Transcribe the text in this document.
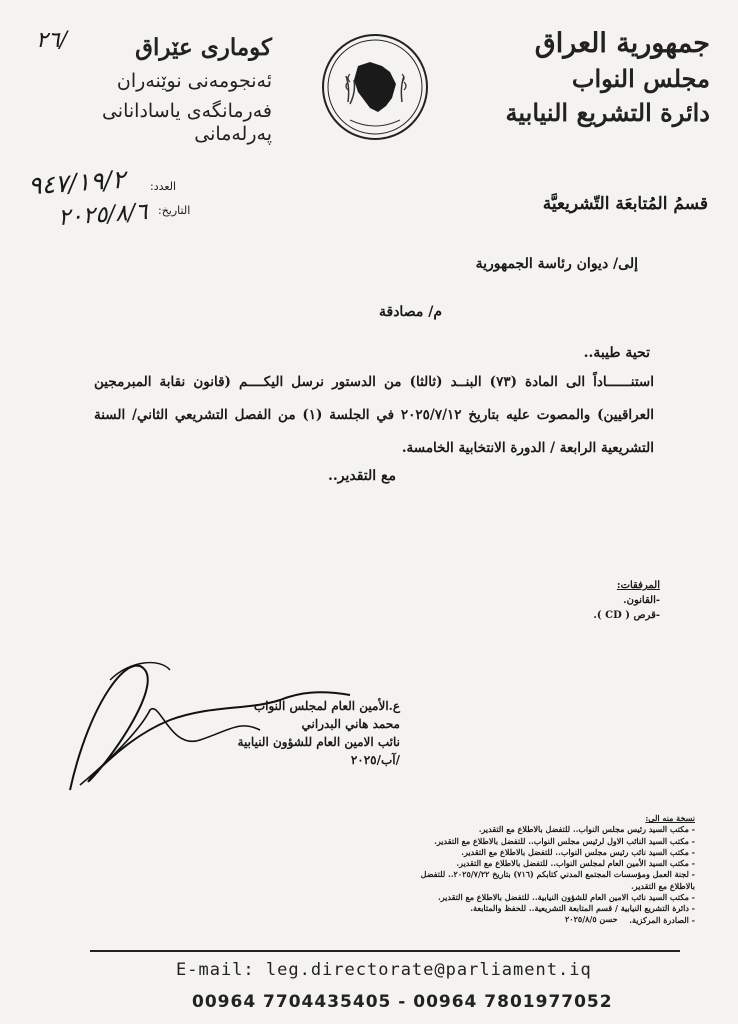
جمهورية العراق
مجلس النواب
دائرة التشريع النيابية
کوماری عێراق
ئه‌نجومه‌نی نوێنه‌ران
فه‌رمانگه‌ی یاسادانانی په‌رله‌مانی
٢٦/
العدد:
التاريخ:
٩٤٧/١٩/٢
٢٠٢٥/٨/٦	قسمُ المُتابعَة التّشريعيَّة
إلى/ ديوان رئاسة الجمهورية
م/ مصادقة
تحية طيبة..
استنــــــاداً الى المادة (٧٣) البنــد (ثالثا) من الدستور نرسل اليكــــم (قانون نقابة المبرمجين العراقيين) والمصوت عليه بتاريخ ٢٠٢٥/٧/١٢ في الجلسة (١) من الفصل التشريعي الثاني/ السنة التشريعية الرابعة / الدورة الانتخابية الخامسة.
مع التقدير..
المرفقات:
-القانون.
-قرص ( CD ).
ع.الأمين العام لمجلس النواب
محمد هاني البدراني
نائب الامين العام للشؤون النيابية
/آب/٢٠٢٥
نسخة منه الى:
- مكتب السيد رئيس مجلس النواب.. للتفضل بالاطلاع مع التقدير.
- مكتب السيد النائب الاول لرئيس مجلس النواب.. للتفضل بالاطلاع مع التقدير.
- مكتب السيد نائب رئيس مجلس النواب.. للتفضل بالاطلاع مع التقدير.
- مكتب السيد الأمين العام لمجلس النواب.. للتفضل بالاطلاع مع التقدير.
- لجنة العمل ومؤسسات المجتمع المدني كتابكم (٧١٦) بتاريخ ٢٠٢٥/٧/٢٢.. للتفضل بالاطلاع مع التقدير.
- مكتب السيد نائب الامين العام للشؤون النيابية.. للتفضل بالاطلاع مع التقدير.
- دائرة التشريع النيابية / قسم المتابعة التشريعية.. للحفظ والمتابعة.
- الصادرة المركزية.
حسن ٢٠٢٥/٨/٥
E-mail: leg.directorate@parliament.iq
00964 7704435405 - 00964 7801977052
